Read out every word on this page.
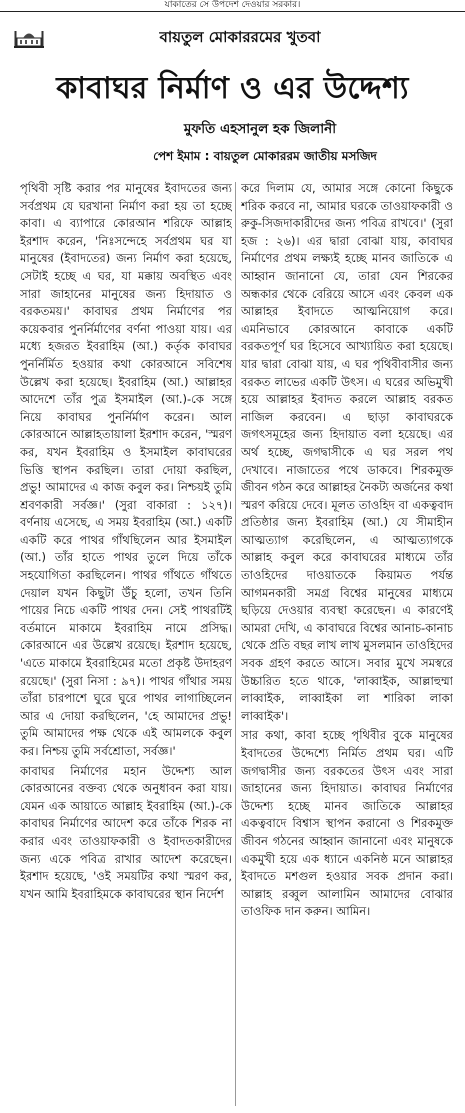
যাকাতের সে উপদেশ দেওয়ার সরকার।
বায়তুল মোকাররমের খুতবা
কাবাঘর নির্মাণ ও এর উদ্দেশ্য
মুফতি এহসানুল হক জিলানী
পেশ ইমাম : বায়তুল মোকাররম জাতীয় মসজিদ

পৃথিবী সৃষ্টি করার পর মানুষের ইবাদতের জন্য সর্বপ্রথম যে ঘরখানা নির্মাণ করা হয় তা হচ্ছে কাবা। এ ব্যাপারে কোরআন শরিফে আল্লাহ ইরশাদ করেন, 'নিঃসন্দেহে সর্বপ্রথম ঘর যা মানুষের (ইবাদতের) জন্য নির্মাণ করা হয়েছে, সেটাই হচ্ছে এ ঘর, যা মক্কায় অবস্থিত এবং সারা জাহানের মানুষের জন্য হিদায়াত ও বরকতময়।' কাবাঘর প্রথম নির্মাণের পর কয়েকবার পুনর্নির্মাণের বর্ণনা পাওয়া যায়। এর মধ্যে হজরত ইবরাহিম (আ.) কর্তৃক কাবাঘর পুনর্নির্মিত হওয়ার কথা কোরআনে সবিশেষ উল্লেখ করা হয়েছে। ইবরাহিম (আ.) আল্লাহর আদেশে তাঁর পুত্র ইসমাইল (আ.)-কে সঙ্গে নিয়ে কাবাঘর পুনর্নির্মাণ করেন। আল কোরআনে আল্লাহতায়ালা ইরশাদ করেন, 'স্মরণ কর, যখন ইবরাহিম ও ইসমাইল কাবাঘরের ভিত্তি স্থাপন করছিল। তারা দোয়া করছিল, প্রভু! আমাদের এ কাজ কবুল কর। নিশ্চয়ই তুমি শ্রবণকারী সর্বজ্ঞ।' (সুরা বাকারা : ১২৭)। বর্ণনায় এসেছে, এ সময় ইবরাহিম (আ.) একটি একটি করে পাথর গাঁথছিলেন আর ইসমাইল (আ.) তাঁর হাতে পাথর তুলে দিয়ে তাঁকে সহযোগিতা করছিলেন। পাথর গাঁথতে গাঁথতে দেয়াল যখন কিছুটা উঁচু হলো, তখন তিনি পায়ের নিচে একটি পাথর দেন। সেই পাথরটিই বর্তমানে মাকামে ইবরাহিম নামে প্রসিদ্ধ। কোরআনে এর উল্লেখ রয়েছে। ইরশাদ হয়েছে, 'এতে মাকামে ইবরাহিমের মতো প্রকৃষ্ট উদাহরণ রয়েছে।' (সুরা নিসা : ৯৭)। পাথর গাঁথার সময় তাঁরা চারপাশে ঘুরে ঘুরে পাথর লাগাচ্ছিলেন আর এ দোয়া করছিলেন, 'হে আমাদের প্রভু! তুমি আমাদের পক্ষ থেকে এই আমলকে কবুল কর। নিশ্চয় তুমি সর্বশ্রোতা, সর্বজ্ঞ।'

কাবাঘর নির্মাণের মহান উদ্দেশ্য আল কোরআনের বক্তব্য থেকে অনুধাবন করা যায়। যেমন এক আয়াতে আল্লাহ ইবরাহিম (আ.)-কে কাবাঘর নির্মাণের আদেশ করে তাঁকে শিরক না করার এবং তাওয়াফকারী ও ইবাদতকারীদের জন্য একে পবিত্র রাখার আদেশ করেছেন। ইরশাদ হয়েছে, 'ওই সময়টির কথা স্মরণ কর, যখন আমি ইবরাহিমকে কাবাঘরের স্থান নির্দেশ

করে দিলাম যে, আমার সঙ্গে কোনো কিছুকে শরিক করবে না, আমার ঘরকে তাওয়াফকারী ও রুকু-সিজদাকারীদের জন্য পবিত্র রাখবে।' (সুরা হজ : ২৬)। এর দ্বারা বোঝা যায়, কাবাঘর নির্মাণের প্রথম লক্ষ্যই হচ্ছে মানব জাতিকে এ আহ্বান জানানো যে, তারা যেন শিরকের অন্ধকার থেকে বেরিয়ে আসে এবং কেবল এক আল্লাহর ইবাদতে আত্মনিয়োগ করে। এমনিভাবে কোরআনে কাবাকে একটি বরকতপূর্ণ ঘর হিসেবে আখ্যায়িত করা হয়েছে। যার দ্বারা বোঝা যায়, এ ঘর পৃথিবীবাসীর জন্য বরকত লাভের একটি উৎস। এ ঘরের অভিমুখী হয়ে আল্লাহর ইবাদত করলে আল্লাহ বরকত নাজিল করবেন। এ ছাড়া কাবাঘরকে জগৎসমূহের জন্য হিদায়াত বলা হয়েছে। এর অর্থ হচ্ছে, জগদ্বাসীকে এ ঘর সরল পথ দেখাবে। নাজাতের পথে ডাকবে। শিরকমুক্ত জীবন গঠন করে আল্লাহর নৈকট্য অর্জনের কথা স্মরণ করিয়ে দেবে। মূলত তাওহিদ বা একত্ববাদ প্রতিষ্ঠার জন্য ইবরাহিম (আ.) যে সীমাহীন আত্মত্যাগ করেছিলেন, এ আত্মত্যাগকে আল্লাহ কবুল করে কাবাঘরের মাধ্যমে তাঁর তাওহিদের দাওয়াতকে কিয়ামত পর্যন্ত আগমনকারী সমগ্র বিশ্বের মানুষের মাধ্যমে ছড়িয়ে দেওয়ার ব্যবস্থা করেছেন। এ কারণেই আমরা দেখি, এ কাবাঘরে বিশ্বের আনাচ-কানাচ থেকে প্রতি বছর লাখ লাখ মুসলমান তাওহিদের সবক গ্রহণ করতে আসে। সবার মুখে সমস্বরে উচ্চারিত হতে থাকে, 'লাব্বাইক, আল্লাহুম্মা লাব্বাইক, লাব্বাইকা লা শারিকা লাকা লাব্বাইক'।

সার কথা, কাবা হচ্ছে পৃথিবীর বুকে মানুষের ইবাদতের উদ্দেশ্যে নির্মিত প্রথম ঘর। এটি জগদ্বাসীর জন্য বরকতের উৎস এবং সারা জাহানের জন্য হিদায়াত। কাবাঘর নির্মাণের উদ্দেশ্য হচ্ছে মানব জাতিকে আল্লাহর একত্ববাদে বিশ্বাস স্থাপন করানো ও শিরকমুক্ত জীবন গঠনের আহ্বান জানানো এবং মানুষকে একমুখী হয়ে এক ধ্যানে একনিষ্ঠ মনে আল্লাহর ইবাদতে মশগুল হওয়ার সবক প্রদান করা। আল্লাহ রব্বুল আলামিন আমাদের বোঝার তাওফিক দান করুন। আমিন।
